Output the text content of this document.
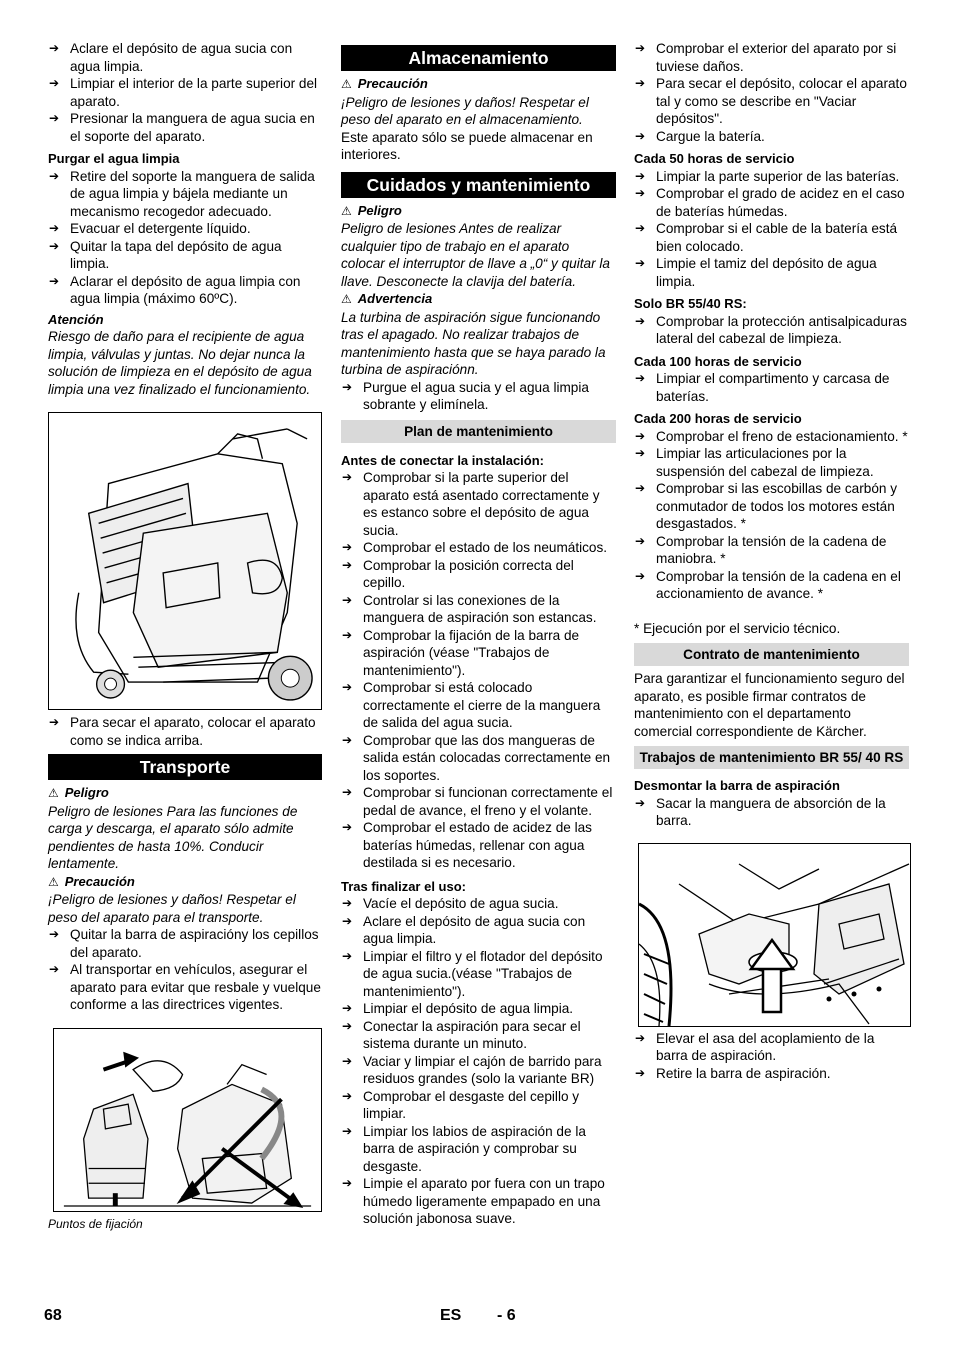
➔ Aclare el depósito de agua sucia con agua limpia.
➔ Limpiar el interior de la parte superior del aparato.
➔ Presionar la manguera de agua sucia en el soporte del aparato.
Purgar el agua limpia
➔ Retire del soporte la manguera de salida de agua limpia y bájela mediante un mecanismo recogedor adecuado.
➔ Evacuar el detergente líquido.
➔ Quitar la tapa del depósito de agua limpia.
➔ Aclarar el depósito de agua limpia con agua limpia (máximo 60ºC).
Atención
Riesgo de daño para el recipiente de agua limpia, válvulas y juntas. No dejar nunca la solución de limpieza en el depósito de agua limpia una vez finalizado el funcionamiento.
➔ Para secar el aparato, colocar el aparato como se indica arriba.
Transporte
⚠ Peligro
Peligro de lesiones Para las funciones de carga y descarga, el aparato sólo admite pendientes de hasta 10%. Conducir lentamente.
⚠ Precaución
¡Peligro de lesiones y daños! Respetar el peso del aparato para el transporte.
➔ Quitar la barra de aspiracióny los cepillos del aparato.
➔ Al transportar en vehículos, asegurar el aparato para evitar que resbale y vuelque conforme a las directrices vigentes.
Puntos de fijación
Almacenamiento
⚠ Precaución
¡Peligro de lesiones y daños! Respetar el peso del aparato en el almacenamiento.
Este aparato sólo se puede almacenar en interiores.
Cuidados y mantenimiento
⚠ Peligro
Peligro de lesiones Antes de realizar cualquier tipo de trabajo en el aparato colocar el interruptor de llave a „0“ y quitar la llave. Desconecte la clavija del batería.
⚠ Advertencia
La turbina de aspiración sigue funcionando tras el apagado. No realizar trabajos de mantenimiento hasta que se haya parado la turbina de aspiraciónn.
➔ Purgue el agua sucia y el agua limpia sobrante y elimínela.
Plan de mantenimiento
Antes de conectar la instalación:
➔ Comprobar si la parte superior del aparato está asentado correctamente y es estanco sobre el depósito de agua sucia.
➔ Comprobar el estado de los neumáticos.
➔ Comprobar la posición correcta del cepillo.
➔ Controlar si las conexiones de la manguera de aspiración son estancas.
➔ Comprobar la fijación de la barra de aspiración (véase "Trabajos de mantenimiento").
➔ Comprobar si está colocado correctamente el cierre de la manguera de salida del agua sucia.
➔ Comprobar que las dos mangueras de salida están colocadas correctamente en los soportes.
➔ Comprobar si funcionan correctamente el pedal de avance, el freno y el volante.
➔ Comprobar el estado de acidez de las baterías húmedas, rellenar con agua destilada si es necesario.
Tras finalizar el uso:
➔ Vacíe el depósito de agua sucia.
➔ Aclare el depósito de agua sucia con agua limpia.
➔ Limpiar el filtro y el flotador del depósito de agua sucia.(véase "Trabajos de mantenimiento").
➔ Limpiar el depósito de agua limpia.
➔ Conectar la aspiración para secar el sistema durante un minuto.
➔ Vaciar y limpiar el cajón de barrido para residuos grandes (solo la variante BR)
➔ Comprobar el desgaste del cepillo y limpiar.
➔ Limpiar los labios de aspiración de la barra de aspiración y comprobar su desgaste.
➔ Limpie el aparato por fuera con un trapo húmedo ligeramente empapado en una solución jabonosa suave.
➔ Comprobar el exterior del aparato por si tuviese daños.
➔ Para secar el depósito, colocar el aparato tal y como se describe en "Vaciar depósitos".
➔ Cargue la batería.
Cada 50 horas de servicio
➔ Limpiar la parte superior de las baterías.
➔ Comprobar el grado de acidez en el caso de baterías húmedas.
➔ Comprobar si el cable de la batería está bien colocado.
➔ Limpie el tamiz del depósito de agua limpia.
Solo BR 55/40 RS:
➔ Comprobar la protección antisalpicaduras lateral del cabezal de limpieza.
Cada 100 horas de servicio
➔ Limpiar el compartimento y carcasa de baterías.
Cada 200 horas de servicio
➔ Comprobar el freno de estacionamiento. *
➔ Limpiar las articulaciones por la suspensión del cabezal de limpieza.
➔ Comprobar si las escobillas de carbón y conmutador de todos los motores están desgastados. *
➔ Comprobar la tensión de la cadena de maniobra. *
➔ Comprobar la tensión de la cadena en el accionamiento de avance. *
* Ejecución por el servicio técnico.
Contrato de mantenimiento
Para garantizar el funcionamiento seguro del aparato, es posible firmar contratos de mantenimiento con el departamento comercial correspondiente de Kärcher.
Trabajos de mantenimiento BR 55/ 40 RS
Desmontar la barra de aspiración
➔ Sacar la manguera de absorción de la barra.
➔ Elevar el asa del acoplamiento de la barra de aspiración.
➔ Retire la barra de aspiración.
68	ES - 6
